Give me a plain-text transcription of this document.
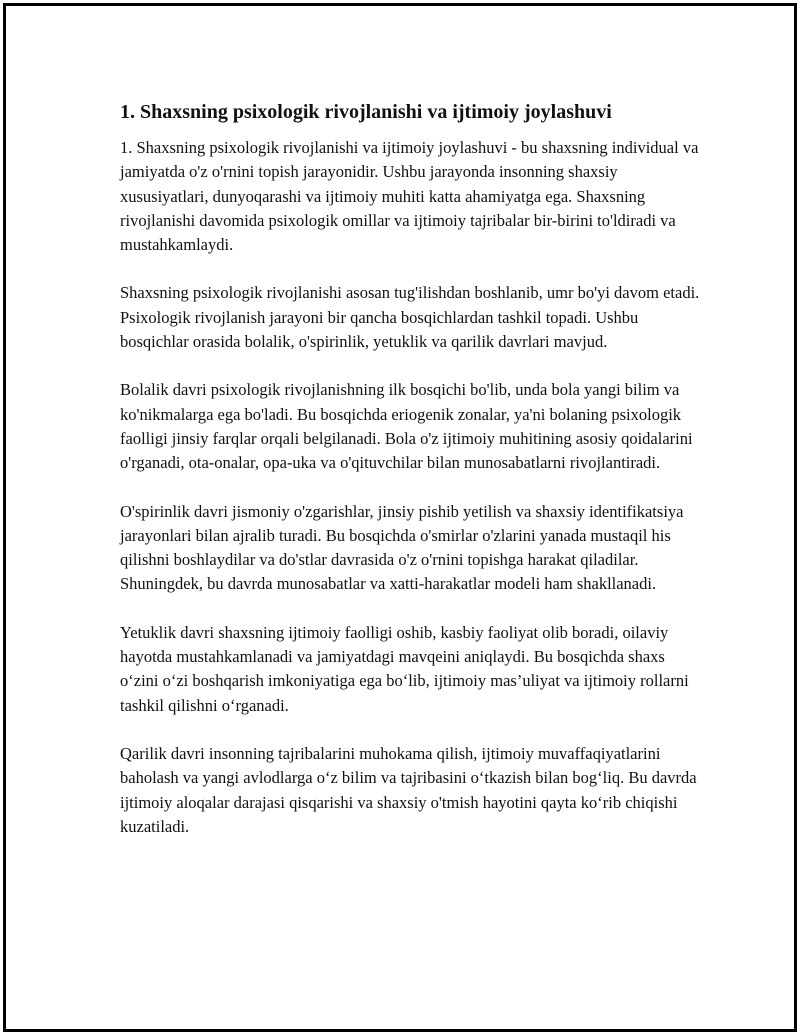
1. Shaxsning psixologik rivojlanishi va ijtimoiy joylashuvi

1. Shaxsning psixologik rivojlanishi va ijtimoiy joylashuvi - bu shaxsning individual va jamiyatda o'z o'rnini topish jarayonidir. Ushbu jarayonda insonning shaxsiy xususiyatlari, dunyoqarashi va ijtimoiy muhiti katta ahamiyatga ega. Shaxsning rivojlanishi davomida psixologik omillar va ijtimoiy tajribalar bir-birini to'ldiradi va mustahkamlaydi.

Shaxsning psixologik rivojlanishi asosan tug'ilishdan boshlanib, umr bo'yi davom etadi. Psixologik rivojlanish jarayoni bir qancha bosqichlardan tashkil topadi. Ushbu bosqichlar orasida bolalik, o'spirinlik, yetuklik va qarilik davrlari mavjud.

Bolalik davri psixologik rivojlanishning ilk bosqichi bo'lib, unda bola yangi bilim va ko'nikmalarga ega bo'ladi. Bu bosqichda eriogenik zonalar, ya'ni bolaning psixologik faolligi jinsiy farqlar orqali belgilanadi. Bola o'z ijtimoiy muhitining asosiy qoidalarini o'rganadi, ota-onalar, opa-uka va o'qituvchilar bilan munosabatlarni rivojlantiradi.

O'spirinlik davri jismoniy o'zgarishlar, jinsiy pishib yetilish va shaxsiy identifikatsiya jarayonlari bilan ajralib turadi. Bu bosqichda o'smirlar o'zlarini yanada mustaqil his qilishni boshlaydilar va do'stlar davrasida o'z o'rnini topishga harakat qiladilar. Shuningdek, bu davrda munosabatlar va xatti-harakatlar modeli ham shakllanadi.

Yetuklik davri shaxsning ijtimoiy faolligi oshib, kasbiy faoliyat olib boradi, oilaviy hayotda mustahkamlanadi va jamiyatdagi mavqeini aniqlaydi. Bu bosqichda shaxs o‘zini o‘zi boshqarish imkoniyatiga ega bo‘lib, ijtimoiy mas’uliyat va ijtimoiy rollarni tashkil qilishni o‘rganadi.

Qarilik davri insonning tajribalarini muhokama qilish, ijtimoiy muvaffaqiyatlarini baholash va yangi avlodlarga o‘z bilim va tajribasini o‘tkazish bilan bog‘liq. Bu davrda ijtimoiy aloqalar darajasi qisqarishi va shaxsiy o'tmish hayotini qayta ko‘rib chiqishi kuzatiladi.
